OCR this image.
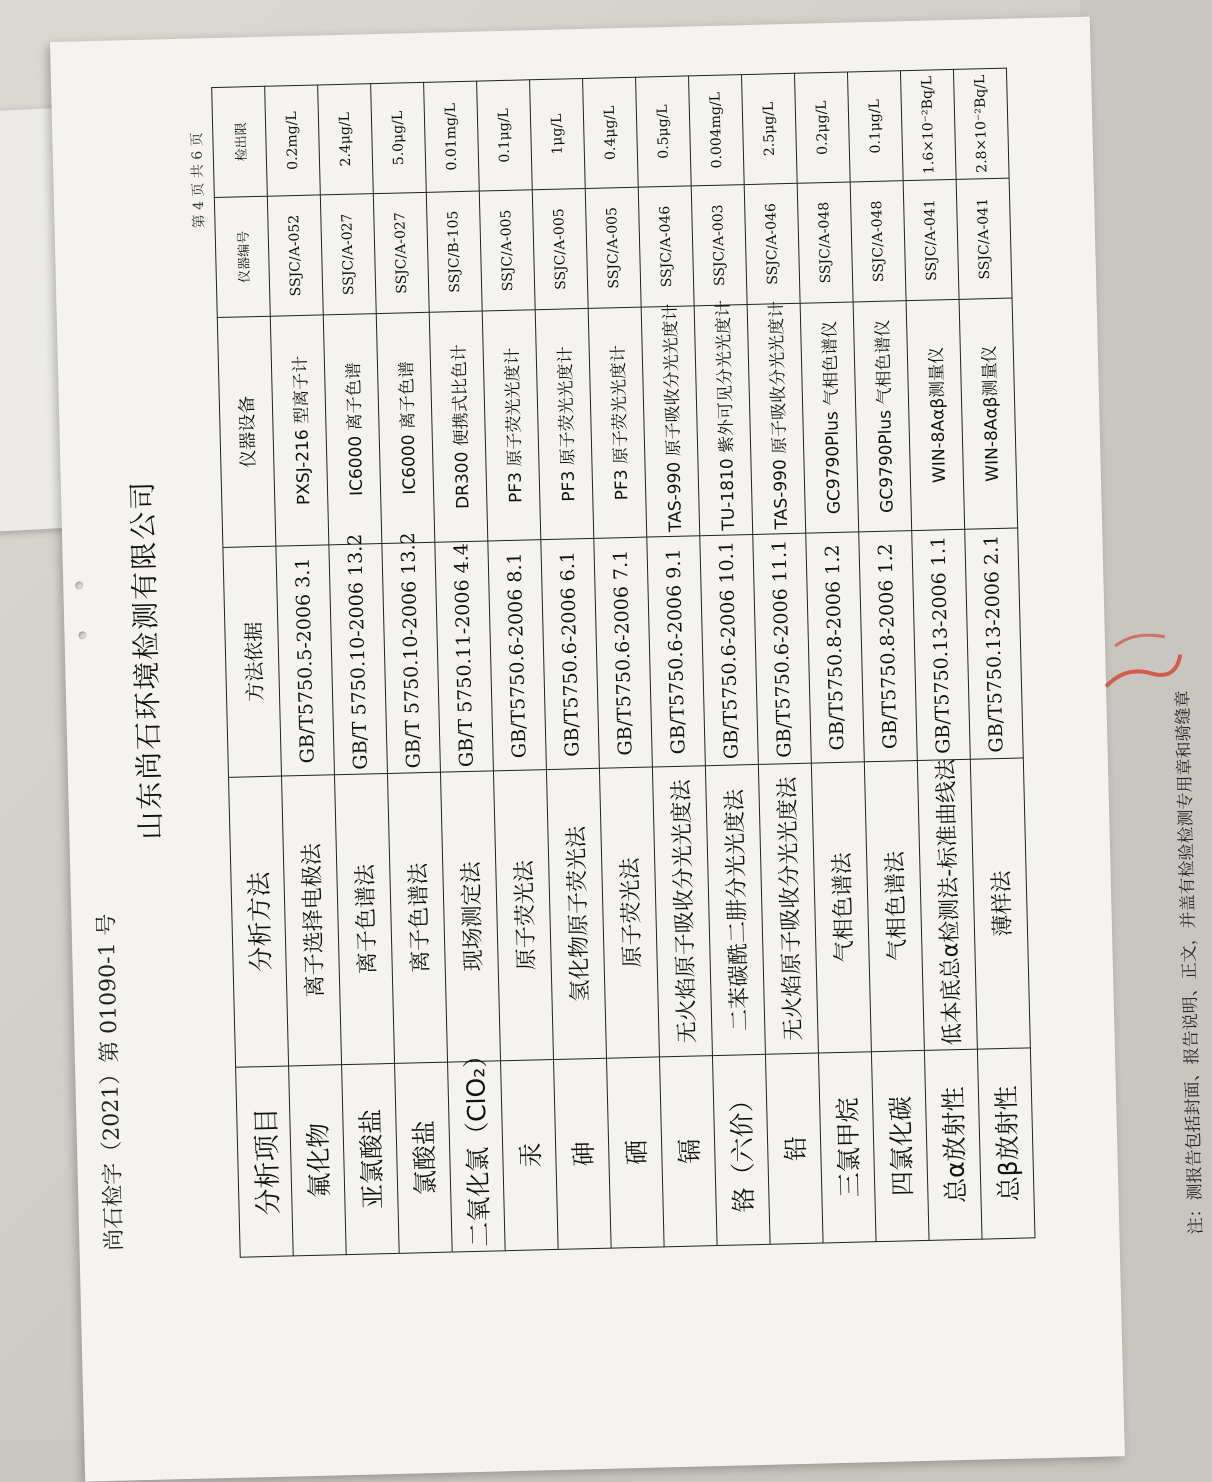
尚石检字（2021）第 01090-1 号
山东尚石环境检测有限公司
第 4 页 共 6 页
分析项目	分析方法	方法依据	仪器设备	仪器编号	检出限
氟化物	离子选择电极法	GB/T5750.5-2006 3.1	PXSJ-216 型离子计	SSJC/A-052	0.2mg/L
亚氯酸盐	离子色谱法	GB/T 5750.10-2006 13.2	IC6000 离子色谱	SSJC/A-027	2.4μg/L
氯酸盐	离子色谱法	GB/T 5750.10-2006 13.2	IC6000 离子色谱	SSJC/A-027	5.0μg/L
二氧化氯（ClO₂）	现场测定法	GB/T 5750.11-2006 4.4	DR300 便携式比色计	SSJC/B-105	0.01mg/L
汞	原子荧光法	GB/T5750.6-2006 8.1	PF3 原子荧光光度计	SSJC/A-005	0.1μg/L
砷	氢化物原子荧光法	GB/T5750.6-2006 6.1	PF3 原子荧光光度计	SSJC/A-005	1μg/L
硒	原子荧光法	GB/T5750.6-2006 7.1	PF3 原子荧光光度计	SSJC/A-005	0.4μg/L
镉	无火焰原子吸收分光光度法	GB/T5750.6-2006 9.1	TAS-990 原子吸收分光光度计	SSJC/A-046	0.5μg/L
铬（六价）	二苯碳酰二肼分光光度法	GB/T5750.6-2006 10.1	TU-1810 紫外可见分光光度计	SSJC/A-003	0.004mg/L
铅	无火焰原子吸收分光光度法	GB/T5750.6-2006 11.1	TAS-990 原子吸收分光光度计	SSJC/A-046	2.5μg/L
三氯甲烷	气相色谱法	GB/T5750.8-2006 1.2	GC9790Plus 气相色谱仪	SSJC/A-048	0.2μg/L
四氯化碳	气相色谱法	GB/T5750.8-2006 1.2	GC9790Plus 气相色谱仪	SSJC/A-048	0.1μg/L
总α放射性	低本底总α检测法-标准曲线法	GB/T5750.13-2006 1.1	WIN-8Aαβ测量仪	SSJC/A-041	1.6×10⁻²Bq/L
总β放射性	薄样法	GB/T5750.13-2006 2.1	WIN-8Aαβ测量仪	SSJC/A-041	2.8×10⁻²Bq/L
注：测报告包括封面、报告说明、正文，并盖有检验检测专用章和骑缝章
